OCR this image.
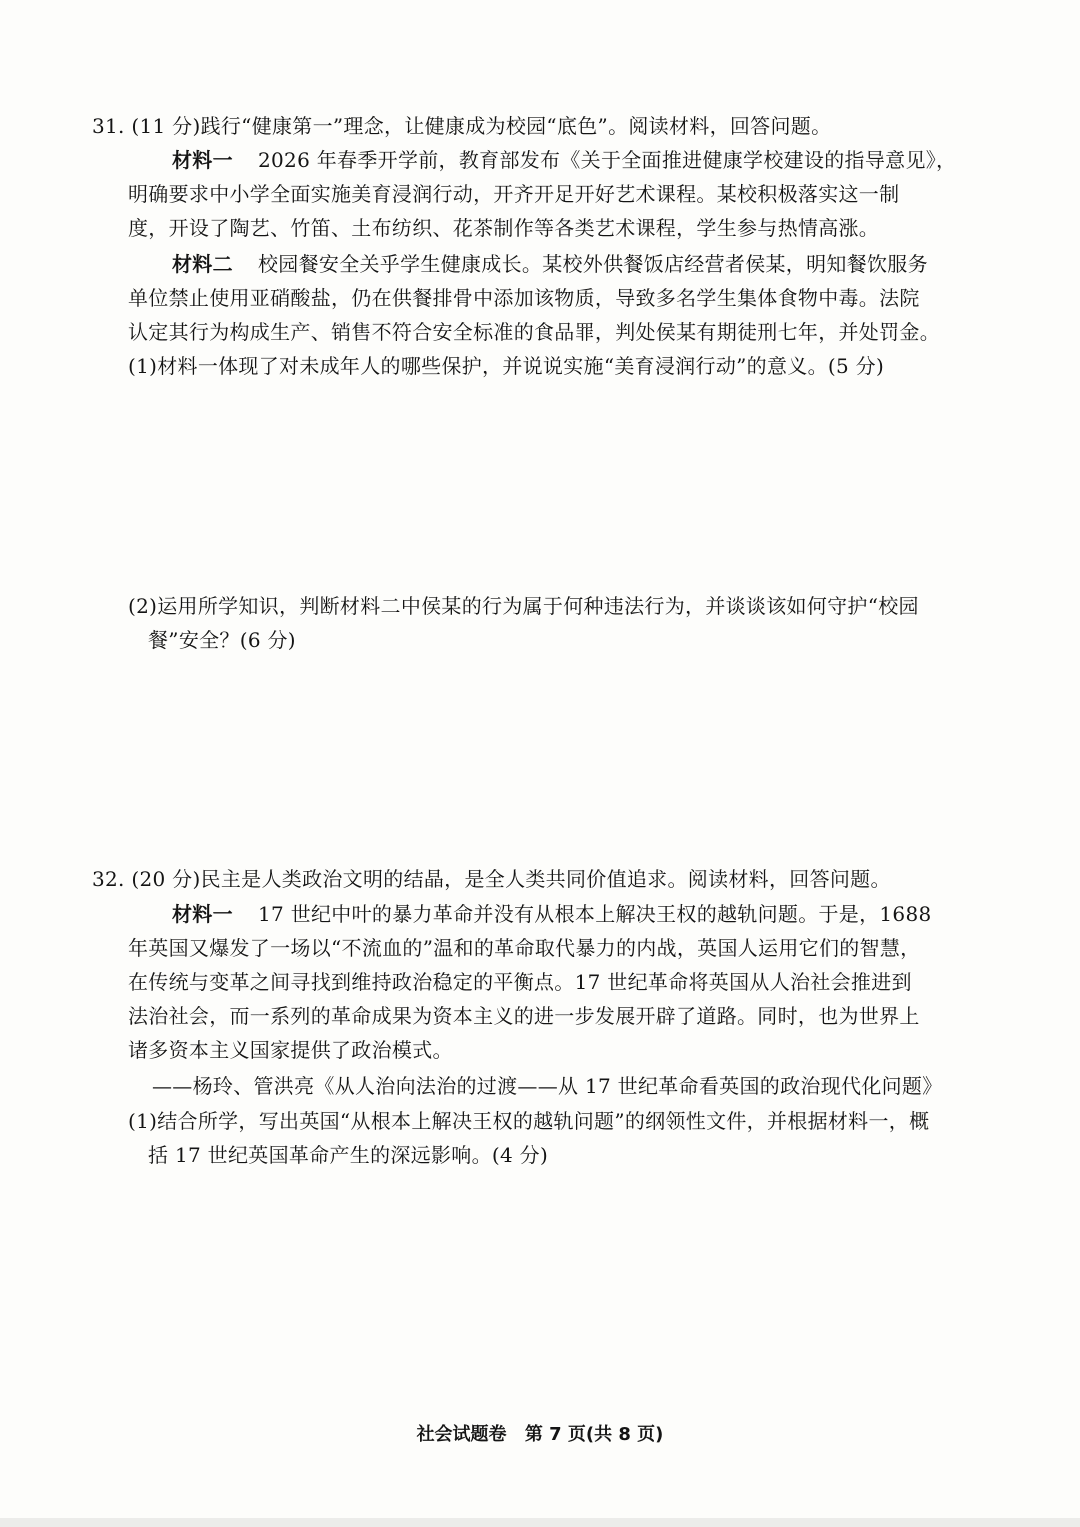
31. (11 分)践行“健康第一”理念，让健康成为校园“底色”。阅读材料，回答问题。
材料一 2026 年春季开学前，教育部发布《关于全面推进健康学校建设的指导意见》，
明确要求中小学全面实施美育浸润行动，开齐开足开好艺术课程。某校积极落实这一制
度，开设了陶艺、竹笛、土布纺织、花茶制作等各类艺术课程，学生参与热情高涨。
材料二 校园餐安全关乎学生健康成长。某校外供餐饭店经营者侯某，明知餐饮服务
单位禁止使用亚硝酸盐，仍在供餐排骨中添加该物质，导致多名学生集体食物中毒。法院
认定其行为构成生产、销售不符合安全标准的食品罪，判处侯某有期徒刑七年，并处罚金。
(1)材料一体现了对未成年人的哪些保护，并说说实施“美育浸润行动”的意义。(5 分)
(2)运用所学知识，判断材料二中侯某的行为属于何种违法行为，并谈谈该如何守护“校园
餐”安全？(6 分)
32. (20 分)民主是人类政治文明的结晶，是全人类共同价值追求。阅读材料，回答问题。
材料一 17 世纪中叶的暴力革命并没有从根本上解决王权的越轨问题。于是，1688
年英国又爆发了一场以“不流血的”温和的革命取代暴力的内战，英国人运用它们的智慧，
在传统与变革之间寻找到维持政治稳定的平衡点。17 世纪革命将英国从人治社会推进到
法治社会，而一系列的革命成果为资本主义的进一步发展开辟了道路。同时，也为世界上
诸多资本主义国家提供了政治模式。
——杨玲、管洪亮《从人治向法治的过渡——从 17 世纪革命看英国的政治现代化问题》
(1)结合所学，写出英国“从根本上解决王权的越轨问题”的纲领性文件，并根据材料一，概
括 17 世纪英国革命产生的深远影响。(4 分)
社会试题卷 第 7 页(共 8 页)
